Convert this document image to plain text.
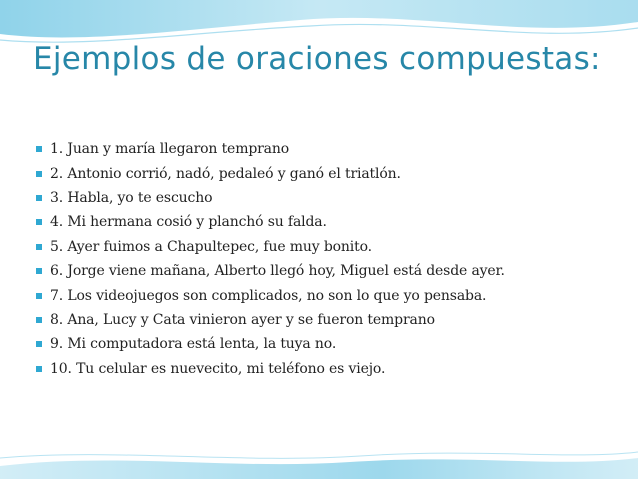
Ejemplos de oraciones compuestas:
1. Juan y maría llegaron temprano
2. Antonio corrió, nadó, pedaleó y ganó el triatlón.
3. Habla, yo te escucho
4. Mi hermana cosió y planchó su falda.
5. Ayer fuimos a Chapultepec, fue muy bonito.
6. Jorge viene mañana, Alberto llegó hoy, Miguel está desde ayer.
7. Los videojuegos son complicados, no son lo que yo pensaba.
8. Ana, Lucy y Cata vinieron ayer y se fueron temprano
9. Mi computadora está lenta, la tuya no.
10. Tu celular es nuevecito, mi teléfono es viejo.
